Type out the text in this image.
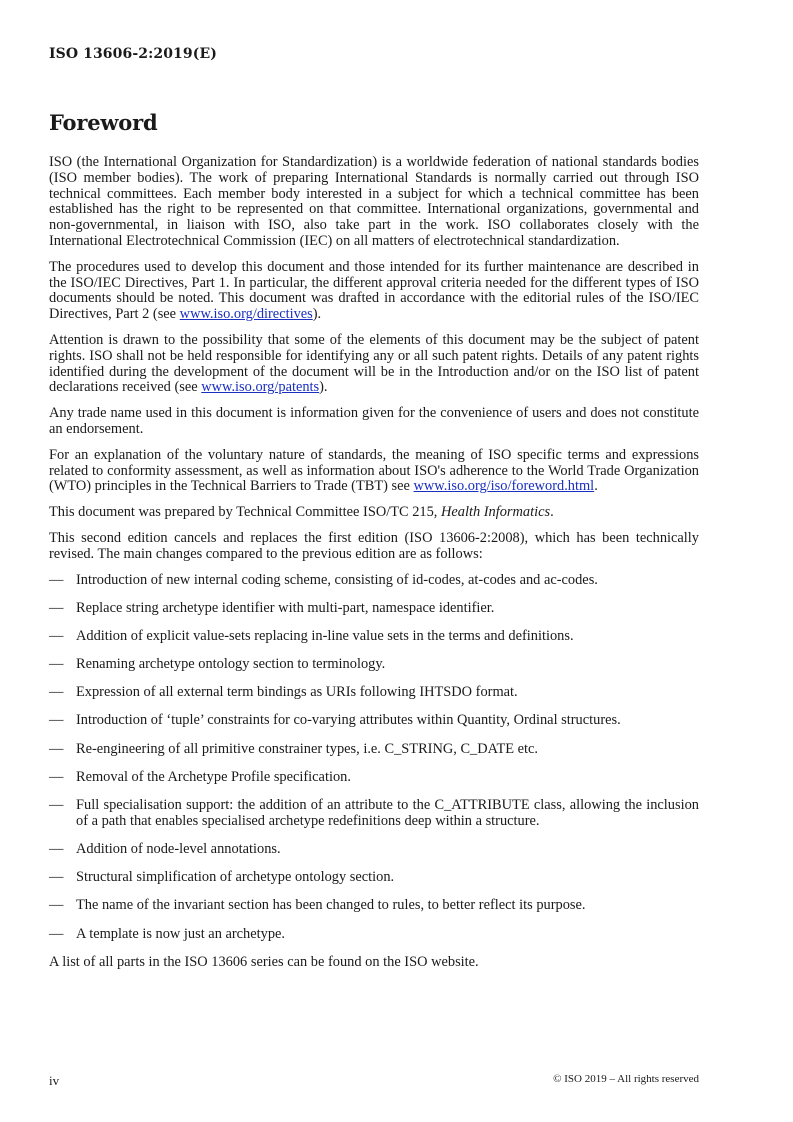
ISO 13606-2:2019(E)
Foreword

ISO (the International Organization for Standardization) is a worldwide federation of national standards bodies (ISO member bodies). The work of preparing International Standards is normally carried out through ISO technical committees. Each member body interested in a subject for which a technical committee has been established has the right to be represented on that committee. International organizations, governmental and non-governmental, in liaison with ISO, also take part in the work. ISO collaborates closely with the International Electrotechnical Commission (IEC) on all matters of electrotechnical standardization.

The procedures used to develop this document and those intended for its further maintenance are described in the ISO/IEC Directives, Part 1. In particular, the different approval criteria needed for the different types of ISO documents should be noted. This document was drafted in accordance with the editorial rules of the ISO/IEC Directives, Part 2 (see www.iso.org/directives).

Attention is drawn to the possibility that some of the elements of this document may be the subject of patent rights. ISO shall not be held responsible for identifying any or all such patent rights. Details of any patent rights identified during the development of the document will be in the Introduction and/or on the ISO list of patent declarations received (see www.iso.org/patents).

Any trade name used in this document is information given for the convenience of users and does not constitute an endorsement.

For an explanation of the voluntary nature of standards, the meaning of ISO specific terms and expressions related to conformity assessment, as well as information about ISO's adherence to the World Trade Organization (WTO) principles in the Technical Barriers to Trade (TBT) see www.iso.org/iso/foreword.html.

This document was prepared by Technical Committee ISO/TC 215, Health Informatics.

This second edition cancels and replaces the first edition (ISO 13606-2:2008), which has been technically revised. The main changes compared to the previous edition are as follows:

— Introduction of new internal coding scheme, consisting of id-codes, at-codes and ac-codes.
— Replace string archetype identifier with multi-part, namespace identifier.
— Addition of explicit value-sets replacing in-line value sets in the terms and definitions.
— Renaming archetype ontology section to terminology.
— Expression of all external term bindings as URIs following IHTSDO format.
— Introduction of ‘tuple’ constraints for co-varying attributes within Quantity, Ordinal structures.
— Re-engineering of all primitive constrainer types, i.e. C_STRING, C_DATE etc.
— Removal of the Archetype Profile specification.
— Full specialisation support: the addition of an attribute to the C_ATTRIBUTE class, allowing the inclusion of a path that enables specialised archetype redefinitions deep within a structure.
— Addition of node-level annotations.
— Structural simplification of archetype ontology section.
— The name of the invariant section has been changed to rules, to better reflect its purpose.
— A template is now just an archetype.

A list of all parts in the ISO 13606 series can be found on the ISO website.

iv	© ISO 2019 – All rights reserved
